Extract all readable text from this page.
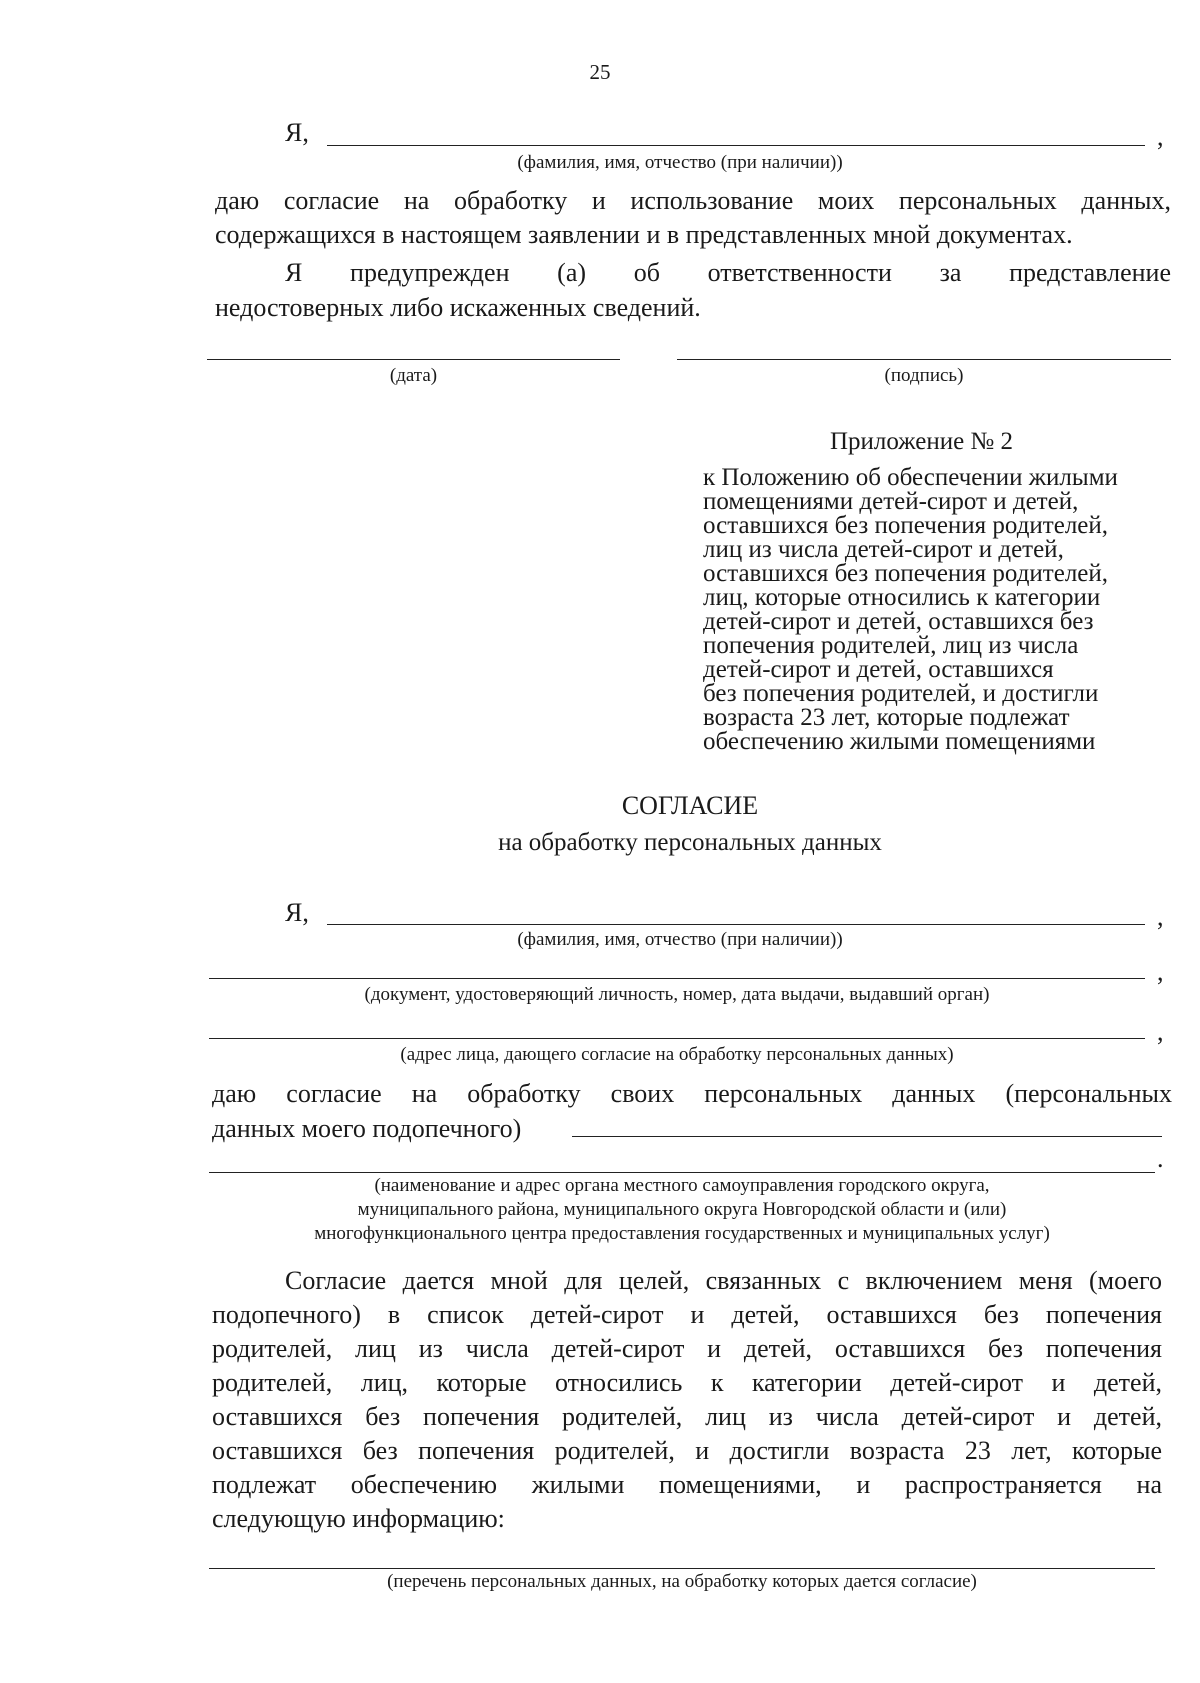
25
Я,	,
(фамилия, имя, отчество (при наличии))
даю согласие на обработку и использование моих персональных данных,
содержащихся в настоящем заявлении и в представленных мной документах.
Я предупрежден (а) об ответственности за представление
недостоверных либо искаженных сведений.
(дата)	(подпись)
Приложение № 2

к Положению об обеспечении жилыми

помещениями детей-сирот и детей,

оставшихся без попечения родителей,

лиц из числа детей-сирот и детей,

оставшихся без попечения родителей,

лиц, которые относились к категории

детей-сирот и детей, оставшихся без

попечения родителей, лиц из числа

детей-сирот и детей, оставшихся

без попечения родителей, и достигли

возраста 23 лет, которые подлежат

обеспечению жилыми помещениями

СОГЛАСИЕ
на обработку персональных данных
Я,	,
(фамилия, имя, отчество (при наличии))
,
(документ, удостоверяющий личность, номер, дата выдачи, выдавший орган)
,
(адрес лица, дающего согласие на обработку персональных данных)
даю согласие на обработку своих персональных данных (персональных
данных моего подопечного)
.
(наименование и адрес органа местного самоуправления городского округа,
муниципального района, муниципального округа Новгородской области и (или)
многофункционального центра предоставления государственных и муниципальных услуг)
Согласие дается мной для целей, связанных с включением меня (моего
подопечного) в список детей-сирот и детей, оставшихся без попечения
родителей, лиц из числа детей-сирот и детей, оставшихся без попечения
родителей, лиц, которые относились к категории детей-сирот и детей,
оставшихся без попечения родителей, лиц из числа детей-сирот и детей,
оставшихся без попечения родителей, и достигли возраста 23 лет, которые
подлежат обеспечению жилыми помещениями, и распространяется на
следующую информацию:
(перечень персональных данных, на обработку которых дается согласие)
